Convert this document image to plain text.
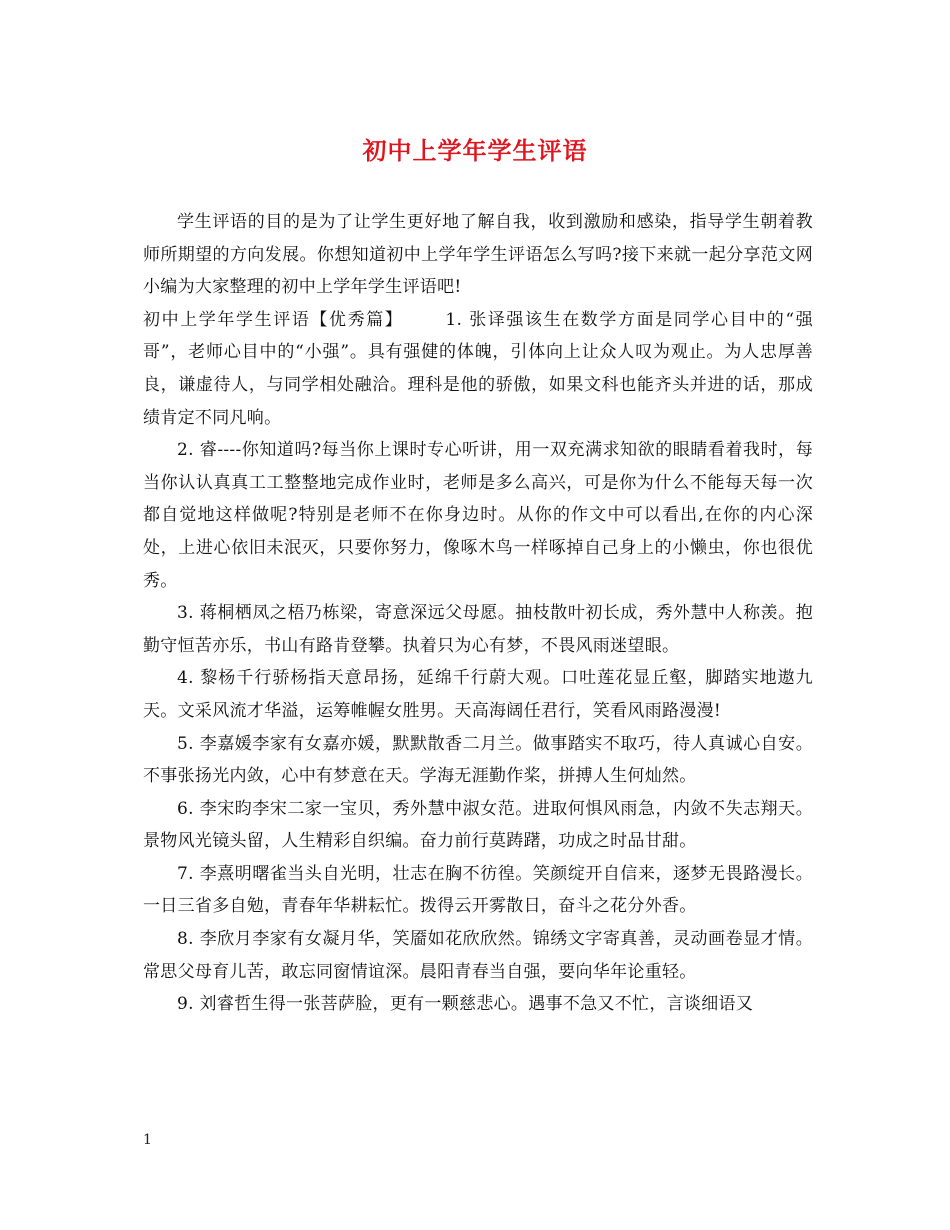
初中上学年学生评语

学生评语的目的是为了让学生更好地了解自我，收到激励和感染，指导学生朝着教师所期望的方向发展。你想知道初中上学年学生评语怎么写吗?接下来就一起分享范文网小编为大家整理的初中上学年学生评语吧!

初中上学年学生评语【优秀篇】 1. 张译强该生在数学方面是同学心目中的“强哥”，老师心目中的“小强”。具有强健的体魄，引体向上让众人叹为观止。为人忠厚善良，谦虚待人，与同学相处融洽。理科是他的骄傲，如果文科也能齐头并进的话，那成绩肯定不同凡响。

2. 睿----你知道吗?每当你上课时专心听讲，用一双充满求知欲的眼睛看着我时，每当你认认真真工工整整地完成作业时，老师是多么高兴，可是你为什么不能每天每一次都自觉地这样做呢?特别是老师不在你身边时。从你的作文中可以看出,在你的内心深处，上进心依旧未泯灭，只要你努力，像啄木鸟一样啄掉自己身上的小懒虫，你也很优秀。

3. 蒋桐栖凤之梧乃栋梁，寄意深远父母愿。抽枝散叶初长成，秀外慧中人称羡。抱勤守恒苦亦乐，书山有路肯登攀。执着只为心有梦，不畏风雨迷望眼。

4. 黎杨千行骄杨指天意昂扬，延绵千行蔚大观。口吐莲花显丘壑，脚踏实地遨九天。文采风流才华溢，运筹帷幄女胜男。天高海阔任君行，笑看风雨路漫漫!

5. 李嘉媛李家有女嘉亦媛，默默散香二月兰。做事踏实不取巧，待人真诚心自安。不事张扬光内敛，心中有梦意在天。学海无涯勤作桨，拼搏人生何灿然。

6. 李宋昀李宋二家一宝贝，秀外慧中淑女范。进取何惧风雨急，内敛不失志翔天。景物风光镜头留，人生精彩自织编。奋力前行莫踌躇，功成之时品甘甜。

7. 李熹明曙雀当头自光明，壮志在胸不彷徨。笑颜绽开自信来，逐梦无畏路漫长。一日三省多自勉，青春年华耕耘忙。拨得云开雾散日，奋斗之花分外香。

8. 李欣月李家有女凝月华，笑靥如花欣欣然。锦绣文字寄真善，灵动画卷显才情。常思父母育儿苦，敢忘同窗情谊深。晨阳青春当自强，要向华年论重轻。

9. 刘睿哲生得一张菩萨脸，更有一颗慈悲心。遇事不急又不忙，言谈细语又

1
